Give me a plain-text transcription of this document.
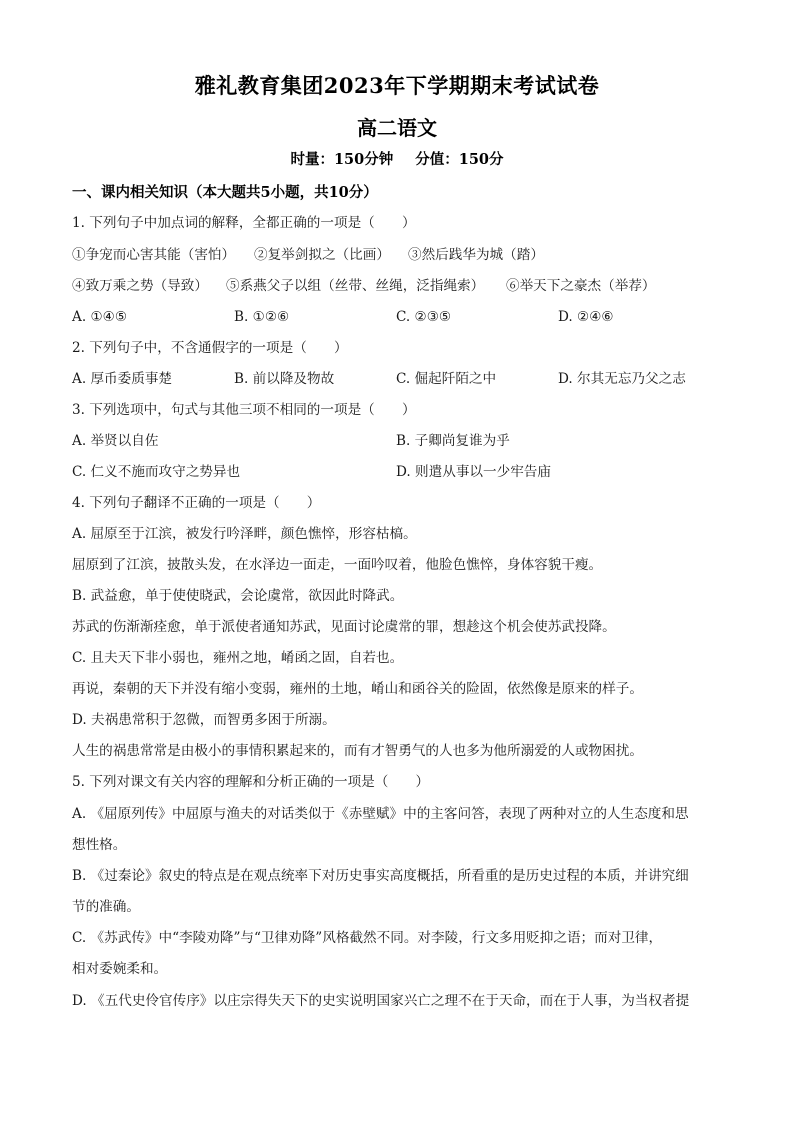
雅礼教育集团2023年下学期期末考试试卷
高二语文
时量：150分钟 分值：150分
一、课内相关知识（本大题共5小题，共10分）
1. 下列句子中加点词的解释，全都正确的一项是（　　）
①争宠而心害其能（害怕） ②复举剑拟之（比画） ③然后践华为城（踏）
④致万乘之势（导致） ⑤系燕父子以组（丝带、丝绳，泛指绳索） ⑥举天下之豪杰（举荐）
A. ①④⑤	B. ①②⑥	C. ②③⑤	D. ②④⑥
2. 下列句子中，不含通假字的一项是（　　）
A. 厚币委质事楚	B. 前以降及物故	C. 倔起阡陌之中	D. 尔其无忘乃父之志
3. 下列选项中，句式与其他三项不相同的一项是（　　）
A. 举贤以自佐	B. 子卿尚复谁为乎
C. 仁义不施而攻守之势异也	D. 则遣从事以一少牢告庙
4. 下列句子翻译不正确的一项是（　　）
A. 屈原至于江滨，被发行吟泽畔，颜色憔悴，形容枯槁。
屈原到了江滨，披散头发，在水泽边一面走，一面吟叹着，他脸色憔悴，身体容貌干瘦。
B. 武益愈，单于使使晓武，会论虞常，欲因此时降武。
苏武的伤渐渐痊愈，单于派使者通知苏武，见面讨论虞常的罪，想趁这个机会使苏武投降。
C. 且夫天下非小弱也，雍州之地，崤函之固，自若也。
再说，秦朝的天下并没有缩小变弱，雍州的土地，崤山和函谷关的险固，依然像是原来的样子。
D. 夫祸患常积于忽微，而智勇多困于所溺。
人生的祸患常常是由极小的事情积累起来的，而有才智勇气的人也多为他所溺爱的人或物困扰。
5. 下列对课文有关内容的理解和分析正确的一项是（　　）
A. 《屈原列传》中屈原与渔夫的对话类似于《赤壁赋》中的主客问答，表现了两种对立的人生态度和思
想性格。
B. 《过秦论》叙史的特点是在观点统率下对历史事实高度概括，所看重的是历史过程的本质，并讲究细
节的准确。
C. 《苏武传》中“李陵劝降”与“卫律劝降”风格截然不同。对李陵，行文多用贬抑之语；而对卫律，
相对委婉柔和。
D. 《五代史伶官传序》以庄宗得失天下的史实说明国家兴亡之理不在于天命，而在于人事，为当权者提
